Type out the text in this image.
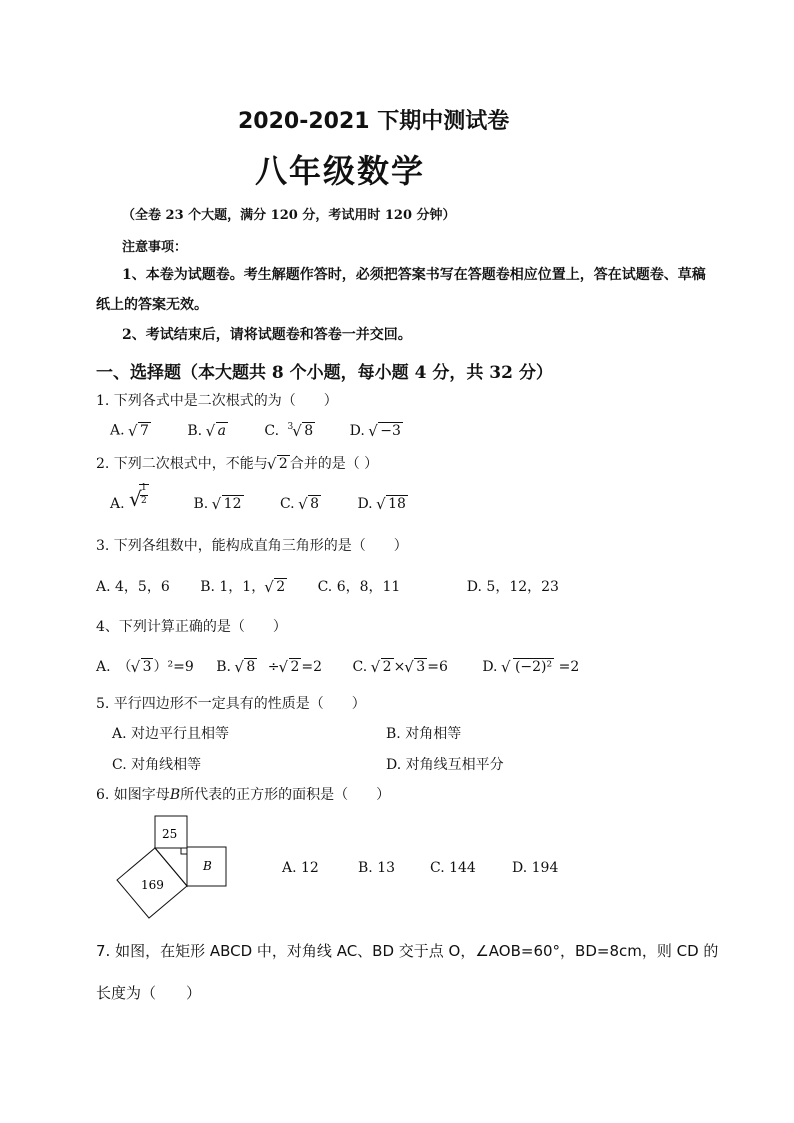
2020-2021 下期中测试卷
八年级数学
（全卷 23 个大题，满分 120 分，考试用时 120 分钟）
注意事项：
1、本卷为试题卷。考生解题作答时，必须把答案书写在答题卷相应位置上，答在试题卷、草稿
纸上的答案无效。
2、考试结束后，请将试题卷和答卷一并交回。
一、选择题（本大题共 8 个小题，每小题 4 分，共 32 分）
1. 下列各式中是二次根式的为（　　）
A. √ 7	B. √ a	C. $^3$ √ 8	D. √ −3
2. 下列二次根式中，不能与 √ 2 合并的是（ ）
A. √ 1
2	B. √ 12	C. √ 8	D. √ 18
3. 下列各组数中，能构成直角三角形的是（　　）
A. 4，5，6 B. 1，1， √ 2 C. 6，8，11	D. 5，12，23
4、下列计算正确的是（　　）
A.　（ √ 3 ）²=9 B. √ 8 ÷ √ 2 =2 C. √ 2 × √ 3 =6 D. √ (−2)² =2
5. 平行四边形不一定具有的性质是（　　）
A. 对边平行且相等	B. 对角相等
C. 对角线相等	D. 对角线互相平分
6. 如图字母B所代表的正方形的面积是（　　）
25
169
B	A. 12	B. 13 C. 144	D. 194
7. 如图，在矩形 ABCD 中，对角线 AC、BD 交于点 O，∠AOB=60°，BD=8cm，则 CD 的
长度为（　　）
